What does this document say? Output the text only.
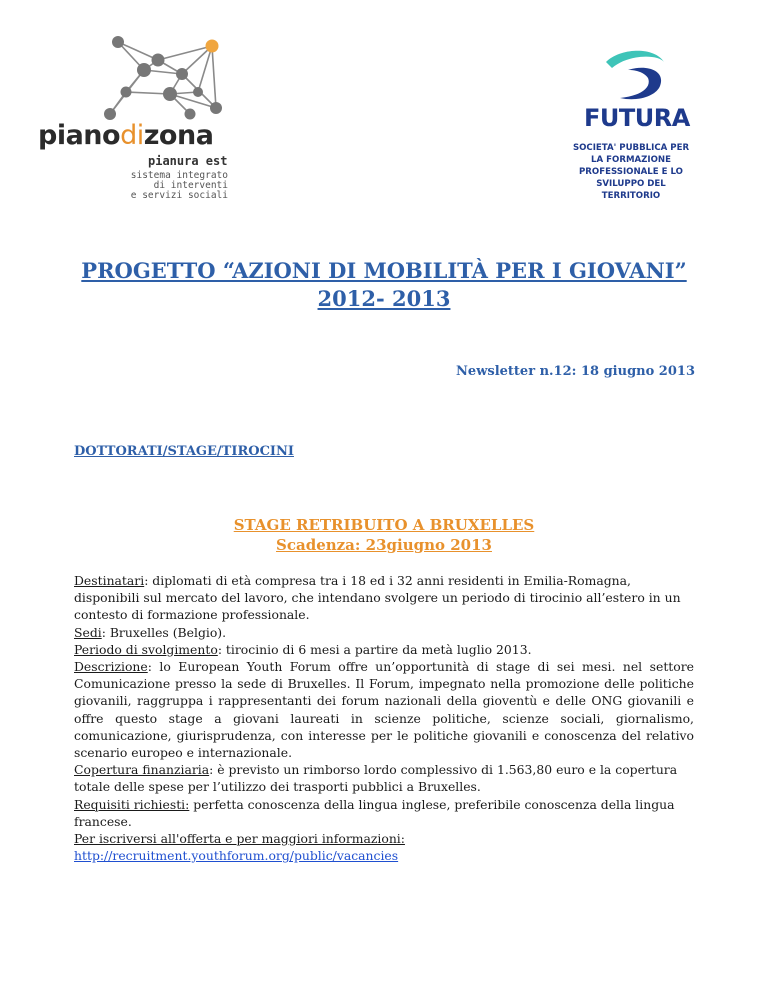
pianodizona
pianura est
sistema integrato
di interventi
e servizi sociali
FUTURA
SOCIETA' PUBBLICA PER LA FORMAZIONE PROFESSIONALE E LO SVILUPPO DEL TERRITORIO
PROGETTO “AZIONI DI MOBILITÀ PER I GIOVANI”
2012- 2013
Newsletter n.12: 18 giugno 2013
DOTTORATI/STAGE/TIROCINI
STAGE RETRIBUITO A BRUXELLES
Scadenza: 23giugno 2013

Destinatari: diplomati di età compresa tra i 18 ed i 32 anni residenti in Emilia-Romagna, disponibili sul mercato del lavoro, che intendano svolgere un periodo di tirocinio all’estero in un contesto di formazione professionale.

Sedi: Bruxelles (Belgio).

Periodo di svolgimento: tirocinio di 6 mesi a partire da metà luglio 2013.

Descrizione: lo European Youth Forum offre un’opportunità di stage di sei mesi. nel settore Comunicazione presso la sede di Bruxelles. Il Forum, impegnato nella promozione delle politiche giovanili, raggruppa i rappresentanti dei forum nazionali della gioventù e delle ONG giovanili e offre questo stage a giovani laureati in scienze politiche, scienze sociali, giornalismo, comunicazione, giurisprudenza, con interesse per le politiche giovanili e conoscenza del relativo scenario europeo e internazionale.

Copertura finanziaria: è previsto un rimborso lordo complessivo di 1.563,80 euro e la copertura totale delle spese per l’utilizzo dei trasporti pubblici a Bruxelles.

Requisiti richiesti: perfetta conoscenza della lingua inglese, preferibile conoscenza della lingua francese.

Per iscriversi all'offerta e per maggiori informazioni:

http://recruitment.youthforum.org/public/vacancies
